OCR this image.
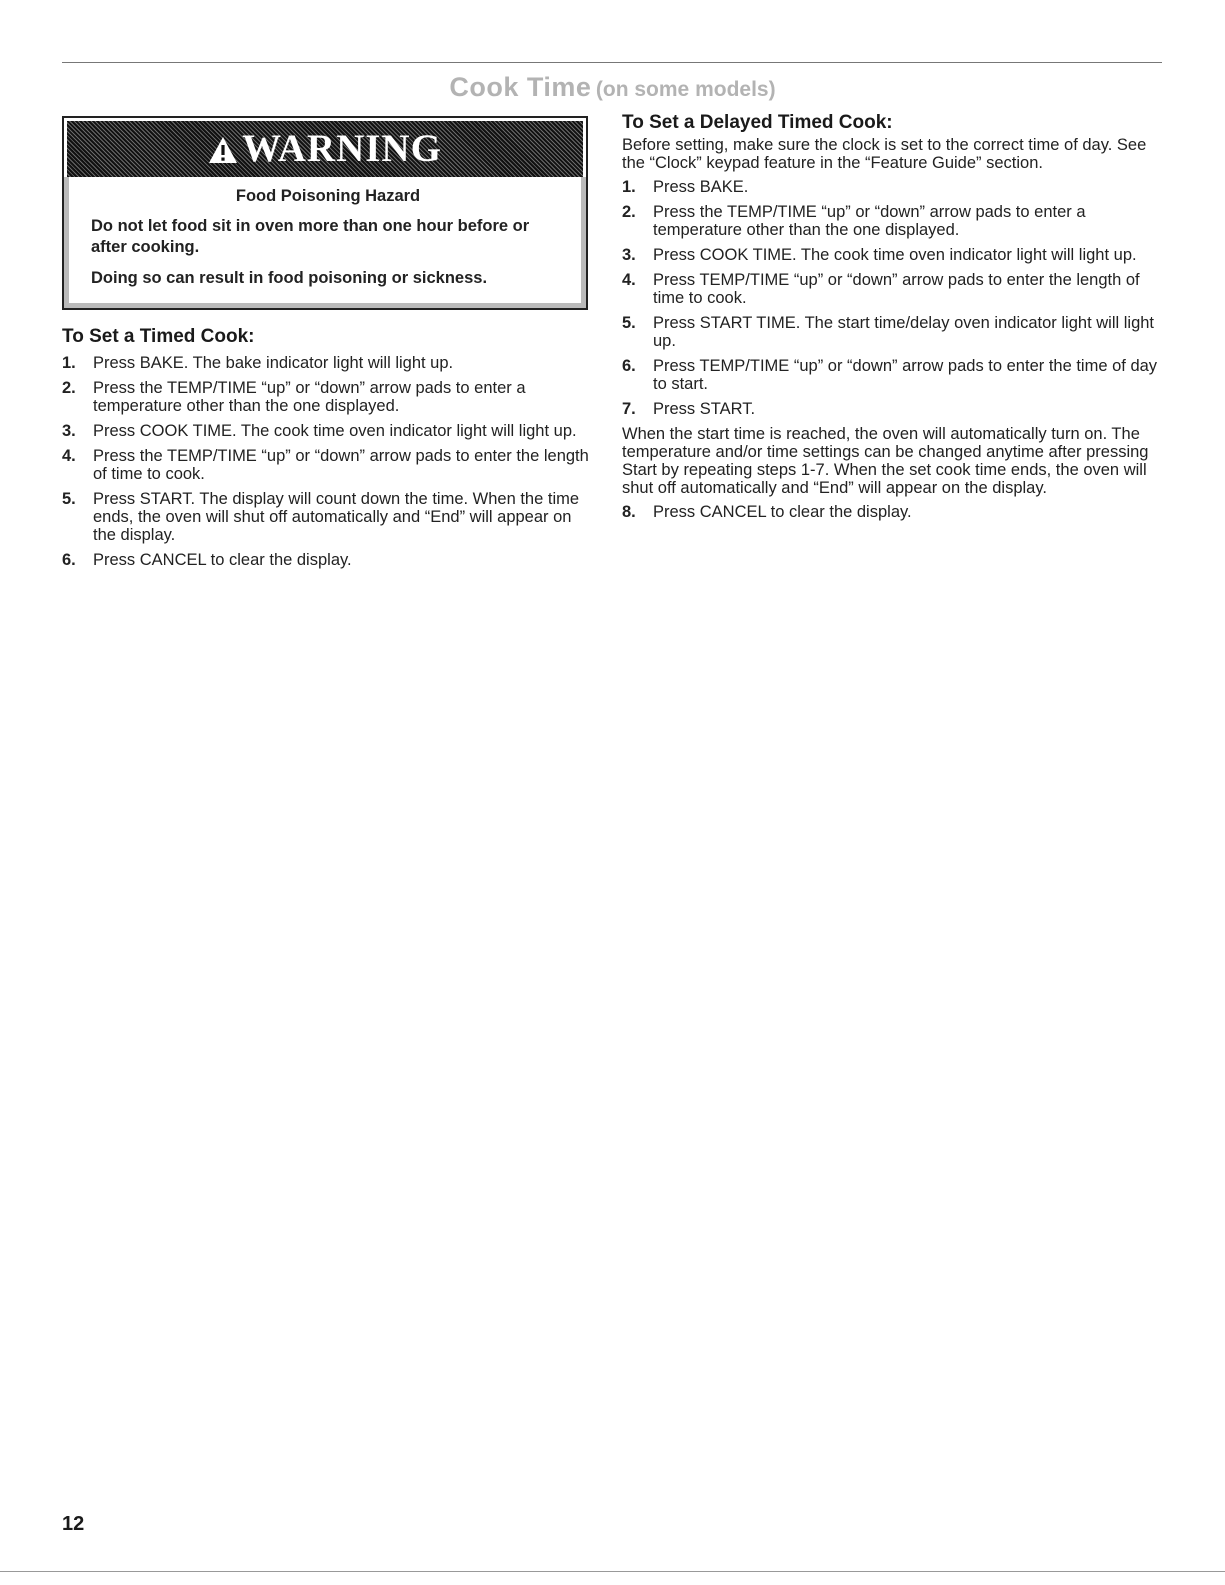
Cook Time (on some models)
WARNING

Food Poisoning Hazard

Do not let food sit in oven more than one hour before or after cooking.

Doing so can result in food poisoning or sickness.

To Set a Timed Cook:
1. Press BAKE. The bake indicator light will light up.
2. Press the TEMP/TIME “up” or “down” arrow pads to enter a temperature other than the one displayed.
3. Press COOK TIME. The cook time oven indicator light will light up.
4. Press the TEMP/TIME “up” or “down” arrow pads to enter the length of time to cook.
5. Press START. The display will count down the time. When the time ends, the oven will shut off automatically and “End” will appear on the display.
6. Press CANCEL to clear the display.
To Set a Delayed Timed Cook:

Before setting, make sure the clock is set to the correct time of day. See the “Clock” keypad feature in the “Feature Guide” section.

1. Press BAKE.
2. Press the TEMP/TIME “up” or “down” arrow pads to enter a temperature other than the one displayed.
3. Press COOK TIME. The cook time oven indicator light will light up.
4. Press TEMP/TIME “up” or “down” arrow pads to enter the length of time to cook.
5. Press START TIME. The start time/delay oven indicator light will light up.
6. Press TEMP/TIME “up” or “down” arrow pads to enter the time of day to start.
7. Press START.

When the start time is reached, the oven will automatically turn on. The temperature and/or time settings can be changed anytime after pressing Start by repeating steps 1-7. When the set cook time ends, the oven will shut off automatically and “End” will appear on the display.

8. Press CANCEL to clear the display.
12
